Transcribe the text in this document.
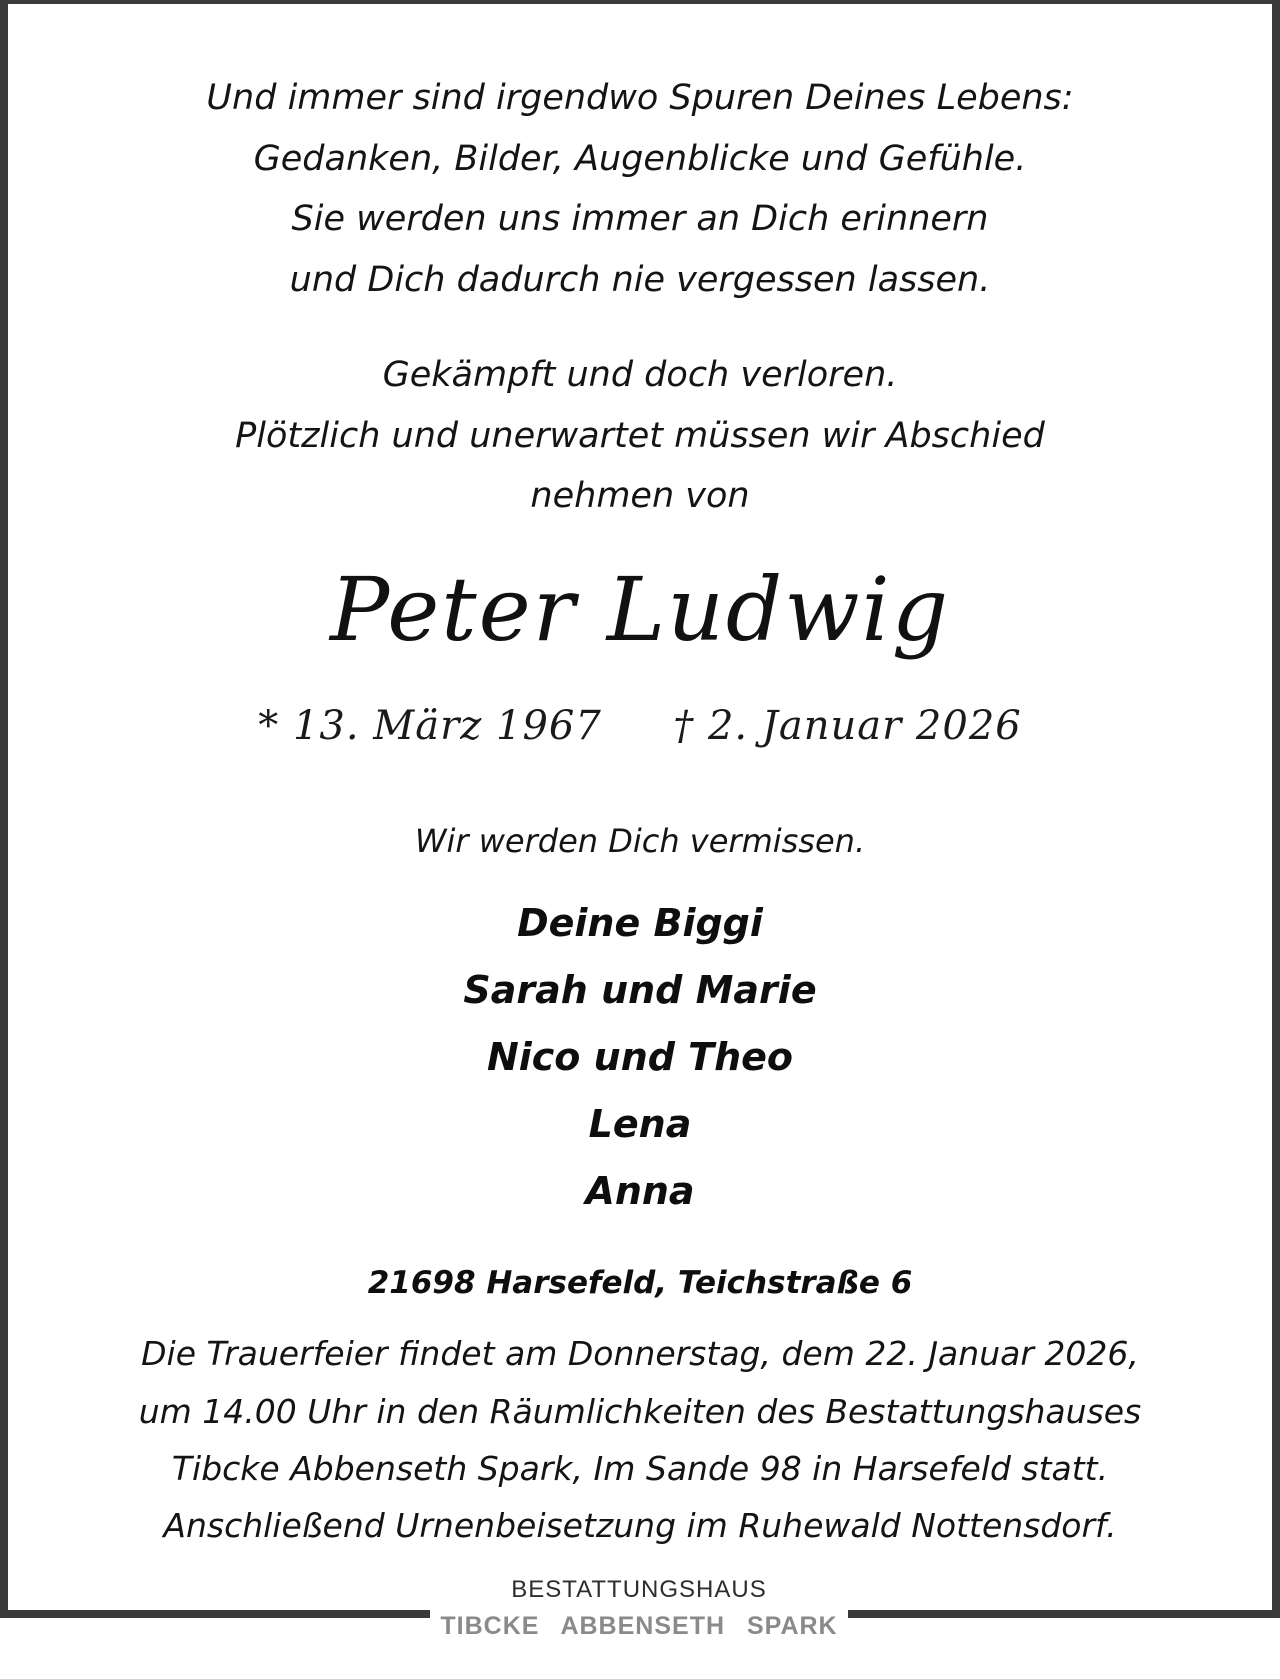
Und immer sind irgendwo Spuren Deines Lebens:
Gedanken, Bilder, Augenblicke und Gefühle.
Sie werden uns immer an Dich erinnern
und Dich dadurch nie vergessen lassen.
Gekämpft und doch verloren.
Plötzlich und unerwartet müssen wir Abschied
nehmen von
Peter Ludwig
* 13. März 1967 † 2. Januar 2026
Wir werden Dich vermissen.
Deine Biggi
Sarah und Marie
Nico und Theo
Lena
Anna
21698 Harsefeld, Teichstraße 6
Die Trauerfeier findet am Donnerstag, dem 22. Januar 2026,
um 14.00 Uhr in den Räumlichkeiten des Bestattungshauses
Tibcke Abbenseth Spark, Im Sande 98 in Harsefeld statt.
Anschließend Urnenbeisetzung im Ruhewald Nottensdorf.
BESTATTUNGSHAUS
TIBCKE ABBENSETH SPARK
